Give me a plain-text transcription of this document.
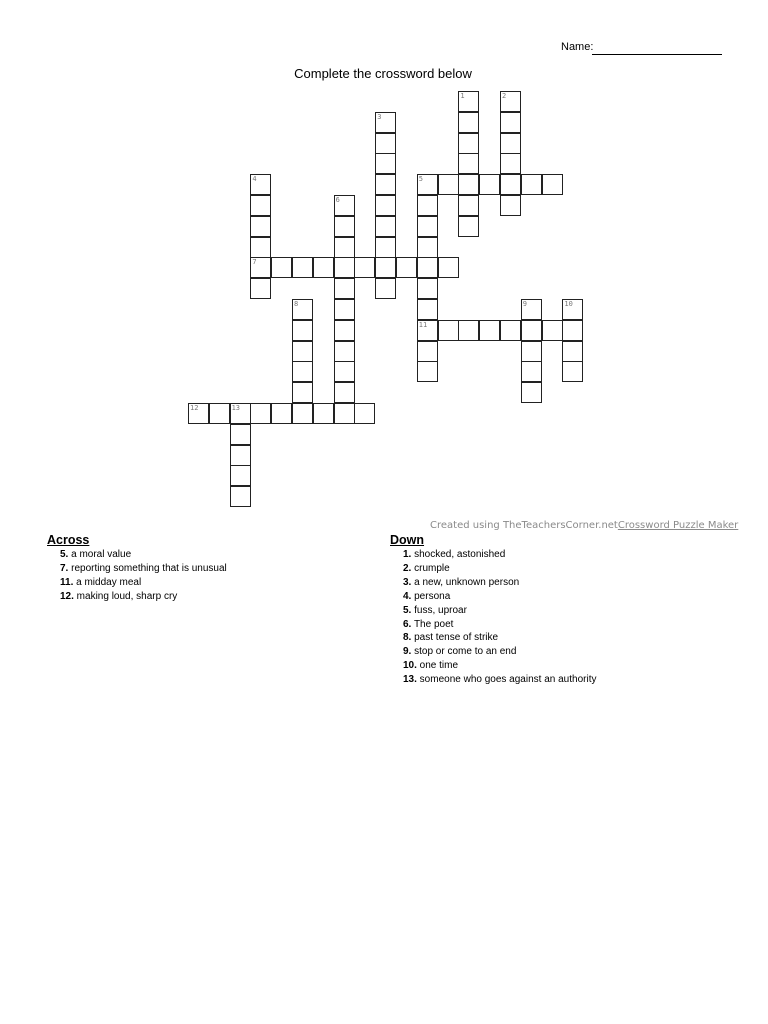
Name:
Complete the crossword below
1	2
3
4
7
5
11
6
8	9	10
12	13
Created using TheTeachersCorner.netCrossword Puzzle Maker
Across
5. a moral value
7. reporting something that is unusual
11. a midday meal
12. making loud, sharp cry
Down
1. shocked, astonished
2. crumple
3. a new, unknown person
4. persona
5. fuss, uproar
6. The poet
8. past tense of strike
9. stop or come to an end
10. one time
13. someone who goes against an authority
